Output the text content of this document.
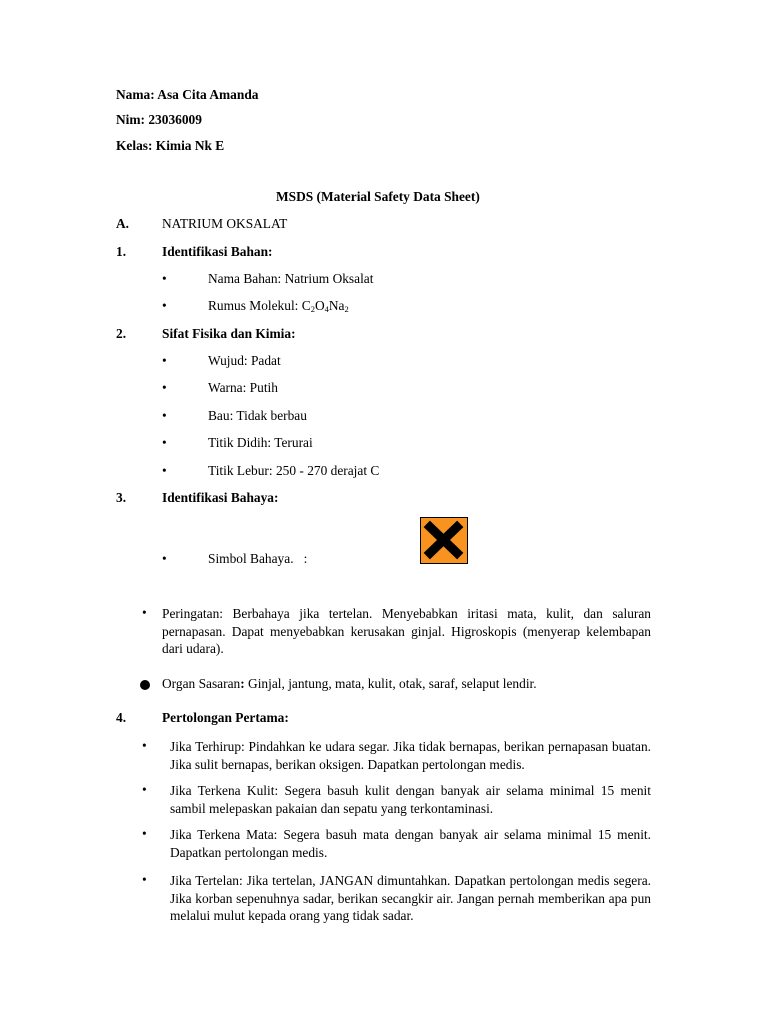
Nama: Asa Cita Amanda
Nim: 23036009
Kelas: Kimia Nk E
MSDS (Material Safety Data Sheet)
A. NATRIUM OKSALAT
1.	Identifikasi Bahan:
•	Nama Bahan: Natrium Oksalat
•	Rumus Molekul: $C_2O_4Na_2$
2.	Sifat Fisika dan Kimia:
•	Wujud: Padat
•	Warna: Putih
•	Bau: Tidak berbau
•	Titik Didih: Terurai
•	Titik Lebur: 250 - 270 derajat C
3.	Identifikasi Bahaya:
•	Simbol Bahaya.   :
• Peringatan: Berbahaya jika tertelan. Menyebabkan iritasi mata, kulit, dan saluran pernapasan. Dapat menyebabkan kerusakan ginjal. Higroskopis (menyerap kelembapan dari udara).
Organ Sasaran: Ginjal, jantung, mata, kulit, otak, saraf, selaput lendir.
4.	Pertolongan Pertama:
• Jika Terhirup: Pindahkan ke udara segar. Jika tidak bernapas, berikan pernapasan buatan. Jika sulit bernapas, berikan oksigen. Dapatkan pertolongan medis.
• Jika Terkena Kulit: Segera basuh kulit dengan banyak air selama minimal 15 menit sambil melepaskan pakaian dan sepatu yang terkontaminasi.
• Jika Terkena Mata: Segera basuh mata dengan banyak air selama minimal 15 menit. Dapatkan pertolongan medis.
• Jika Tertelan: Jika tertelan, JANGAN dimuntahkan. Dapatkan pertolongan medis segera. Jika korban sepenuhnya sadar, berikan secangkir air. Jangan pernah memberikan apa pun melalui mulut kepada orang yang tidak sadar.
